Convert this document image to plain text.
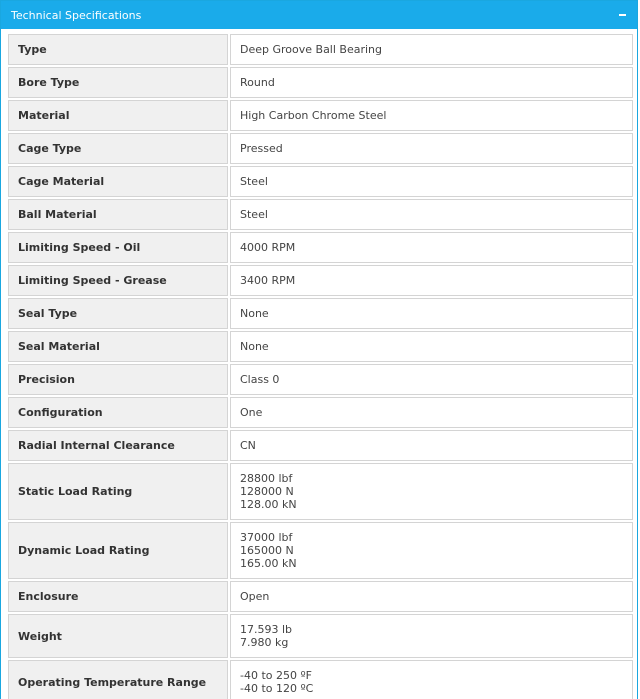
Technical Specifications
Type	Deep Groove Ball Bearing

Bore Type	Round

Material	High Carbon Chrome Steel

Cage Type	Pressed

Cage Material	Steel

Ball Material	Steel

Limiting Speed - Oil	4000 RPM

Limiting Speed - Grease	3400 RPM

Seal Type	None

Seal Material	None

Precision	Class 0

Configuration	One

Radial Internal Clearance	CN

Static Load Rating	28800 lbf
128000 N
128.00 kN

Dynamic Load Rating	37000 lbf
165000 N
165.00 kN

Enclosure	Open

Weight	17.593 lb
7.980 kg

Operating Temperature Range	-40 to 250 ºF
-40 to 120 ºC
